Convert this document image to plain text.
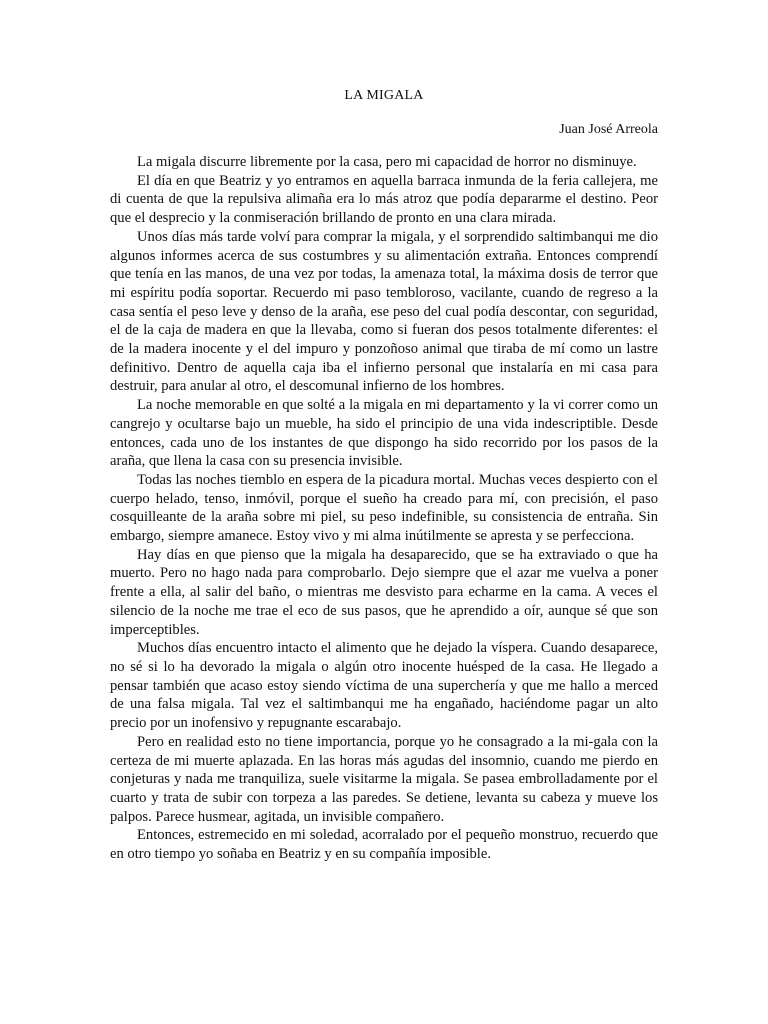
LA MIGALA
Juan José Arreola

La migala discurre libremente por la casa, pero mi capacidad de horror no disminuye.

El día en que Beatriz y yo entramos en aquella barraca inmunda de la feria callejera, me di cuenta de que la repulsiva alimaña era lo más atroz que podía depararme el destino. Peor que el desprecio y la conmiseración brillando de pronto en una clara mirada.

Unos días más tarde volví para comprar la migala, y el sorprendido saltimbanqui me dio algunos informes acerca de sus costumbres y su alimentación extraña. Entonces comprendí que tenía en las manos, de una vez por todas, la amenaza total, la máxima dosis de terror que mi espíritu podía soportar. Recuerdo mi paso tembloroso, vacilante, cuando de regreso a la casa sentía el peso leve y denso de la araña, ese peso del cual podía descontar, con seguridad, el de la caja de madera en que la llevaba, como si fueran dos pesos totalmente diferentes: el de la madera inocente y el del impuro y ponzoñoso animal que tiraba de mí como un lastre definitivo. Dentro de aquella caja iba el infierno personal que instalaría en mi casa para destruir, para anular al otro, el descomunal infierno de los hombres.

La noche memorable en que solté a la migala en mi departamento y la vi correr como un cangrejo y ocultarse bajo un mueble, ha sido el principio de una vida indescriptible. Desde entonces, cada uno de los instantes de que dispongo ha sido recorrido por los pasos de la araña, que llena la casa con su presencia invisible.

Todas las noches tiemblo en espera de la picadura mortal. Muchas veces despierto con el cuerpo helado, tenso, inmóvil, porque el sueño ha creado para mí, con precisión, el paso cosquilleante de la araña sobre mi piel, su peso indefinible, su consistencia de entraña. Sin embargo, siempre amanece. Estoy vivo y mi alma inútilmente se apresta y se perfecciona.

Hay días en que pienso que la migala ha desaparecido, que se ha extraviado o que ha muerto. Pero no hago nada para comprobarlo. Dejo siempre que el azar me vuelva a poner frente a ella, al salir del baño, o mientras me desvisto para echarme en la cama. A veces el silencio de la noche me trae el eco de sus pasos, que he aprendido a oír, aunque sé que son imperceptibles.

Muchos días encuentro intacto el alimento que he dejado la víspera. Cuando desaparece, no sé si lo ha devorado la migala o algún otro inocente huésped de la casa. He llegado a pensar también que acaso estoy siendo víctima de una superchería y que me hallo a merced de una falsa migala. Tal vez el saltimbanqui me ha engañado, haciéndome pagar un alto precio por un inofensivo y repugnante escarabajo.

Pero en realidad esto no tiene importancia, porque yo he consagrado a la mi-gala con la certeza de mi muerte aplazada. En las horas más agudas del insomnio, cuando me pierdo en conjeturas y nada me tranquiliza, suele visitarme la migala. Se pasea embrolladamente por el cuarto y trata de subir con torpeza a las paredes. Se detiene, levanta su cabeza y mueve los palpos. Parece husmear, agitada, un invisible compañero.

Entonces, estremecido en mi soledad, acorralado por el pequeño monstruo, recuerdo que en otro tiempo yo soñaba en Beatriz y en su compañía imposible.
